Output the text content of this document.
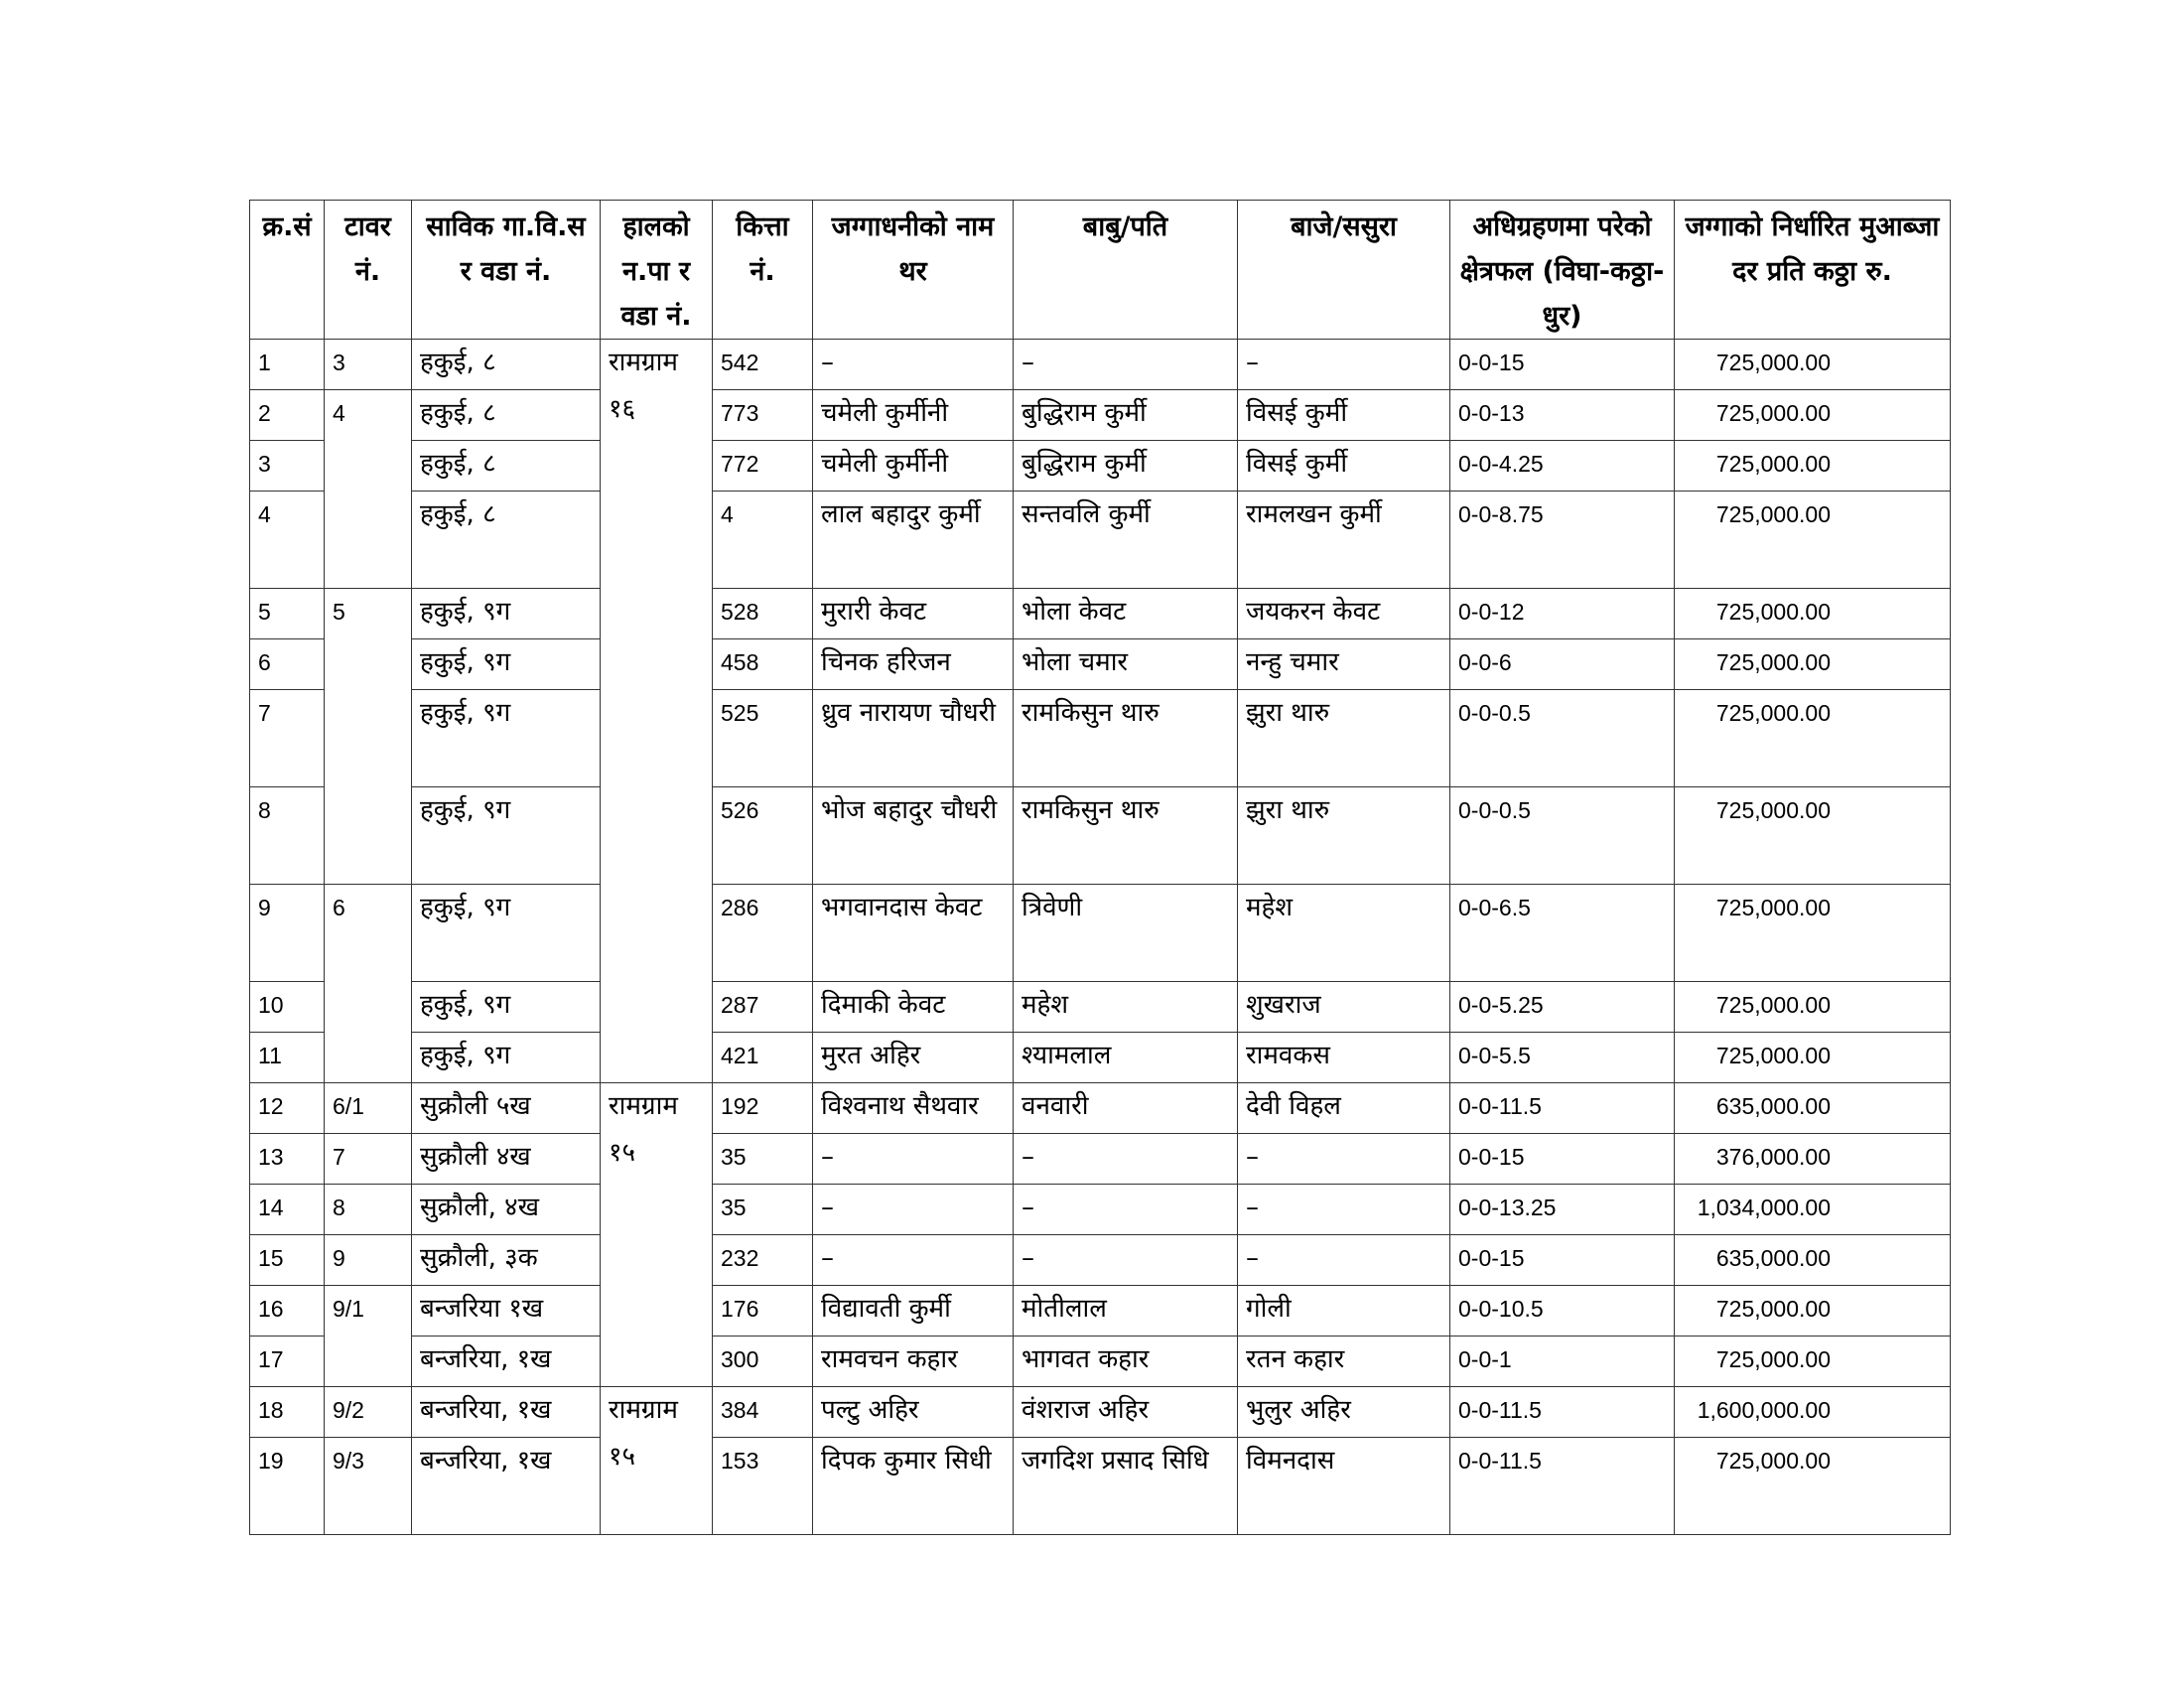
क्र.सं	टावर नं.	साविक गा.वि.स र वडा नं.	हालको न.पा र वडा नं.	कित्ता नं.	जग्गाधनीको नाम थर	बाबु/पति	बाजे/ससुरा	अधिग्रहणमा परेको क्षेत्रफल (विघा-कठ्ठा-धुर)	जग्गाको निर्धारित मुआब्जा दर प्रति कठ्ठा रु.
1	3	हकुई, ८	रामग्राम १६	542	–	–	–	0-0-15	725,000.00
2	4	हकुई, ८		773	चमेली कुर्मीनी	बुद्धिराम कुर्मी	विसई कुर्मी	0-0-13	725,000.00
3		हकुई, ८		772	चमेली कुर्मीनी	बुद्धिराम कुर्मी	विसई कुर्मी	0-0-4.25	725,000.00
4		हकुई, ८		4	लाल बहादुर कुर्मी	सन्तवलि कुर्मी	रामलखन कुर्मी	0-0-8.75	725,000.00
5	5	हकुई, ९ग		528	मुरारी केवट	भोला केवट	जयकरन केवट	0-0-12	725,000.00
6		हकुई, ९ग		458	चिनक हरिजन	भोला चमार	नन्हु चमार	0-0-6	725,000.00
7		हकुई, ९ग		525	ध्रुव नारायण चौधरी	रामकिसुन थारु	झुरा थारु	0-0-0.5	725,000.00
8		हकुई, ९ग		526	भोज बहादुर चौधरी	रामकिसुन थारु	झुरा थारु	0-0-0.5	725,000.00
9	6	हकुई, ९ग		286	भगवानदास केवट	त्रिवेणी	महेश	0-0-6.5	725,000.00
10		हकुई, ९ग		287	दिमाकी केवट	महेश	शुखराज	0-0-5.25	725,000.00
11		हकुई, ९ग		421	मुरत अहिर	श्यामलाल	रामवकस	0-0-5.5	725,000.00
12	6/1	सुक्रौली ५ख	रामग्राम १५	192	विश्वनाथ सैथवार	वनवारी	देवी विहल	0-0-11.5	635,000.00
13	7	सुक्रौली ४ख		35	–	–	–	0-0-15	376,000.00
14	8	सुक्रौली, ४ख		35	–	–	–	0-0-13.25	1,034,000.00
15	9	सुक्रौली, ३क		232	–	–	–	0-0-15	635,000.00
16	9/1	बन्जरिया १ख		176	विद्यावती कुर्मी	मोतीलाल	गोली	0-0-10.5	725,000.00
17		बन्जरिया, १ख		300	रामवचन कहार	भागवत कहार	रतन कहार	0-0-1	725,000.00
18	9/2	बन्जरिया, १ख	रामग्राम १५	384	पल्टु अहिर	वंशराज अहिर	भुलुर अहिर	0-0-11.5	1,600,000.00
19	9/3	बन्जरिया, १ख		153	दिपक कुमार सिधी	जगदिश प्रसाद सिधि	विमनदास	0-0-11.5	725,000.00
